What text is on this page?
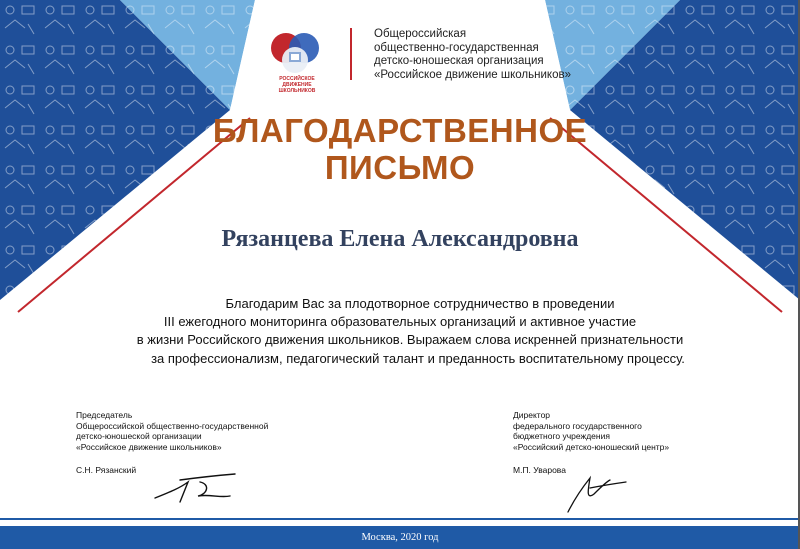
РОССИЙСКОЕ ДВИЖЕНИЕ ШКОЛЬНИКОВ
Общероссийская
общественно-государственная
детско-юношеская организация
«Российское движение школьников»
БЛАГОДАРСТВЕННОЕ
ПИСЬМО
Рязанцева Елена Александровна
Благодарим Вас за плодотворное сотрудничество в проведении
III ежегодного мониторинга образовательных организаций и активное участие
в жизни Российского движения школьников. Выражаем слова искренней признательности
за профессионализм, педагогический талант и преданность воспитательному процессу.
Председатель
Общероссийской общественно-государственной
детско-юношеской организации
«Российское движение школьников»
С.Н. Рязанский
Директор
федерального государственного
бюджетного учреждения
«Российский детско-юношеский центр»
М.П. Уварова
Москва, 2020 год
